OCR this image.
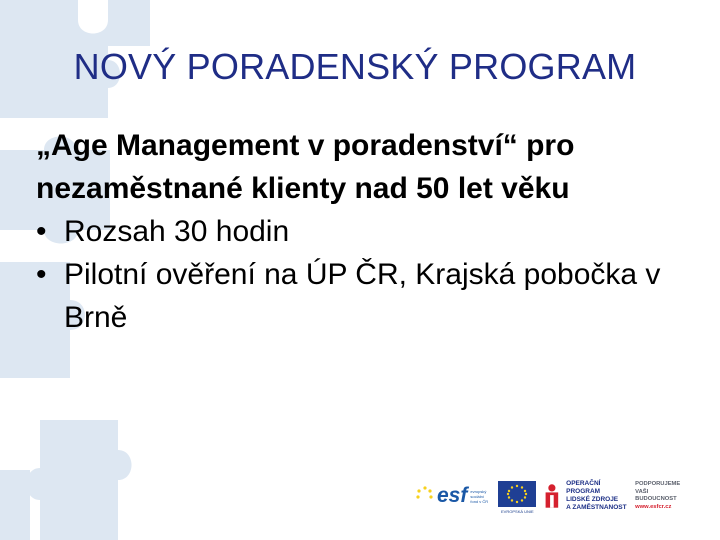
NOVÝ PORADENSKÝ PROGRAM

„Age Management v poradenství“ pro nezaměstnané klienty nad 50 let věku

• Rozsah 30 hodin
• Pilotní ověření na ÚP ČR, Krajská pobočka v Brně
esf evropský sociální fond v ČR
EVROPSKÁ UNIE
OPERAČNÍ PROGRAM
LIDSKÉ ZDROJE
A ZAMĚSTNANOST
PODPORUJEME
VAŠI BUDOUCNOST
www.esfcr.cz
